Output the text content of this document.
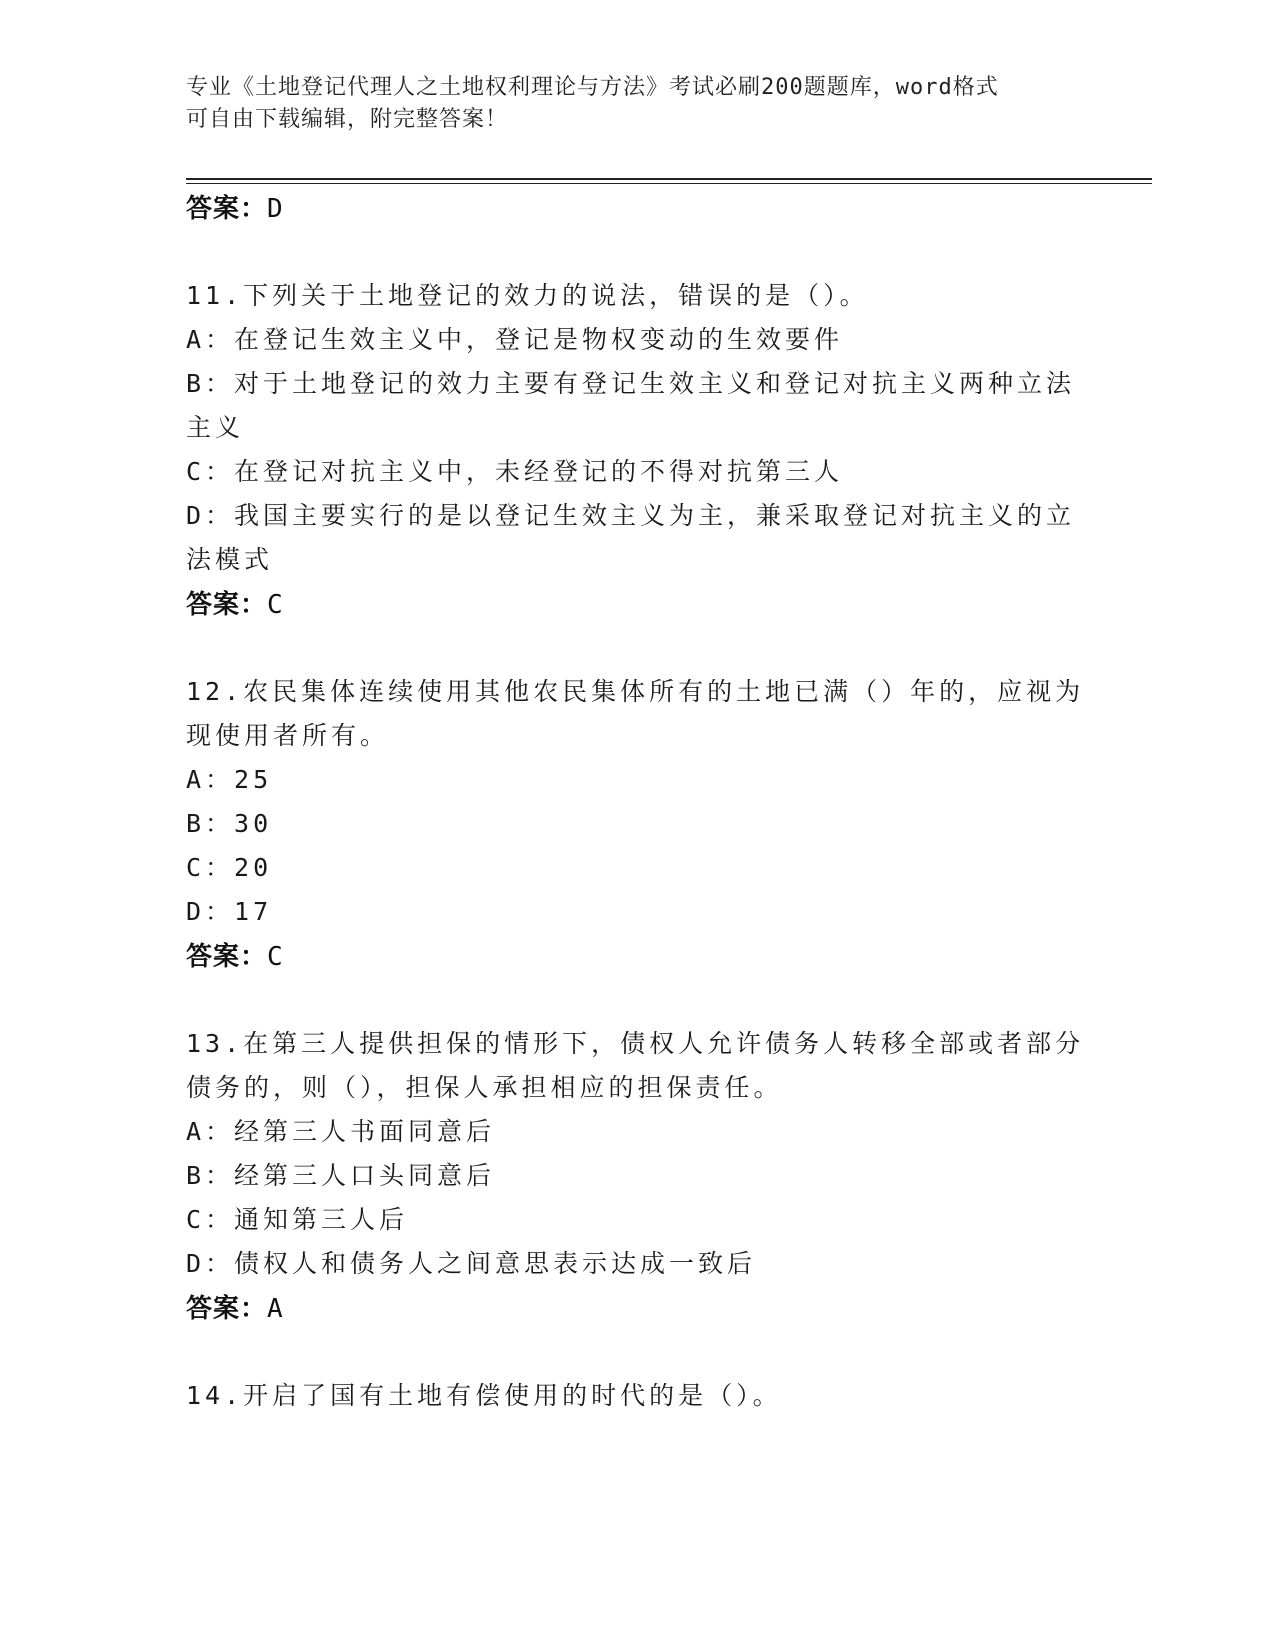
专业《土地登记代理人之土地权利理论与方法》考试必刷200题题库，word格式
可自由下载编辑，附完整答案！
答案：D
11.下列关于土地登记的效力的说法，错误的是（）。
A：在登记生效主义中，登记是物权变动的生效要件
B：对于土地登记的效力主要有登记生效主义和登记对抗主义两种立法
主义
C：在登记对抗主义中，未经登记的不得对抗第三人
D：我国主要实行的是以登记生效主义为主，兼采取登记对抗主义的立
法模式
答案：C
12.农民集体连续使用其他农民集体所有的土地已满（）年的，应视为
现使用者所有。
A：25
B：30
C：20
D：17
答案：C
13.在第三人提供担保的情形下，债权人允许债务人转移全部或者部分
债务的，则（），担保人承担相应的担保责任。
A：经第三人书面同意后
B：经第三人口头同意后
C：通知第三人后
D：债权人和债务人之间意思表示达成一致后
答案：A
14.开启了国有土地有偿使用的时代的是（）。
